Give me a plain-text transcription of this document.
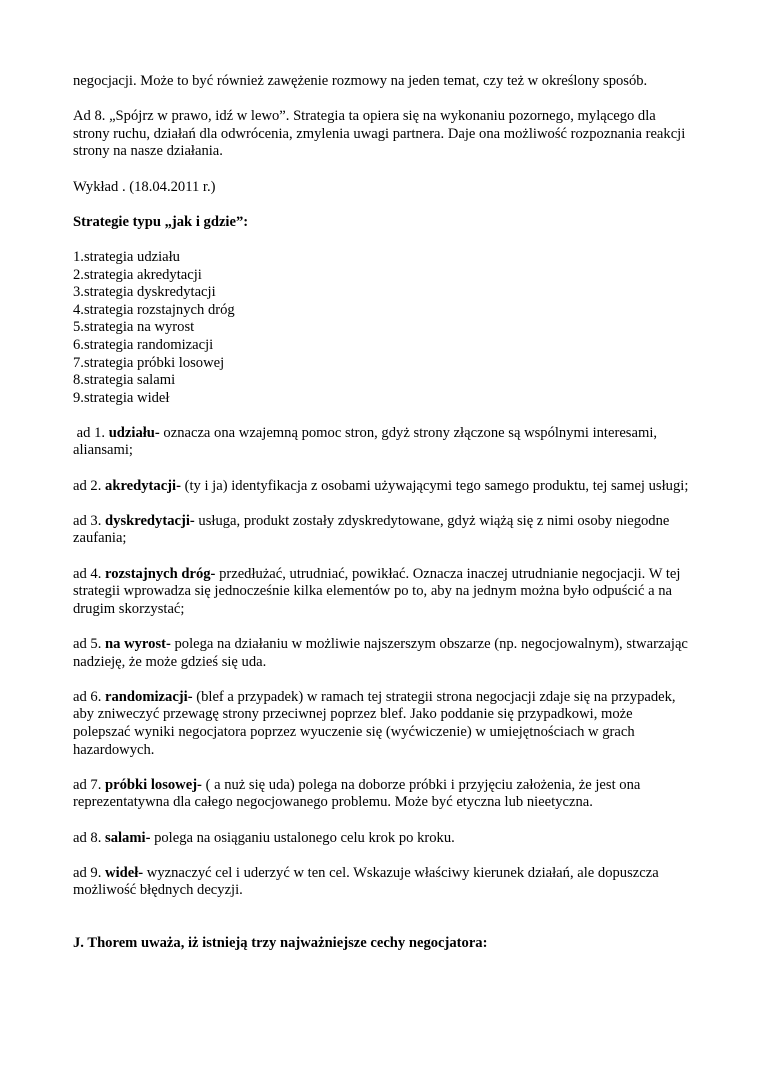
negocjacji. Może to być również zawężenie rozmowy na jeden temat, czy też w określony sposób.

Ad 8. „Spójrz w prawo, idź w lewo”. Strategia ta opiera się na wykonaniu pozornego, mylącego dla strony ruchu, działań dla odwrócenia, zmylenia uwagi partnera. Daje ona możliwość rozpoznania reakcji strony na nasze działania.

Wykład . (18.04.2011 r.)

Strategie typu „jak i gdzie”:

1.strategia udziału

2.strategia akredytacji

3.strategia dyskredytacji

4.strategia rozstajnych dróg

5.strategia na wyrost

6.strategia randomizacji

7.strategia próbki losowej

8.strategia salami

9.strategia wideł

ad 1. udziału- oznacza ona wzajemną pomoc stron, gdyż strony złączone są wspólnymi interesami, aliansami;

ad 2. akredytacji- (ty i ja) identyfikacja z osobami używającymi tego samego produktu, tej samej usługi;

ad 3. dyskredytacji- usługa, produkt zostały zdyskredytowane, gdyż wiążą się z nimi osoby niegodne zaufania;

ad 4. rozstajnych dróg- przedłużać, utrudniać, powikłać. Oznacza inaczej utrudnianie negocjacji. W tej strategii wprowadza się jednocześnie kilka elementów po to, aby na jednym można było odpuścić a na drugim skorzystać;

ad 5. na wyrost- polega na działaniu w możliwie najszerszym obszarze (np. negocjowalnym), stwarzając nadzieję, że może gdzieś się uda.

ad 6. randomizacji- (blef a przypadek) w ramach tej strategii strona negocjacji zdaje się na przypadek, aby zniweczyć przewagę strony przeciwnej poprzez blef. Jako poddanie się przypadkowi, może polepszać wyniki negocjatora poprzez wyuczenie się (wyćwiczenie) w umiejętnościach w grach hazardowych.

ad 7. próbki losowej- ( a nuż się uda) polega na doborze próbki i przyjęciu założenia, że jest ona reprezentatywna dla całego negocjowanego problemu. Może być etyczna lub nieetyczna.

ad 8. salami- polega na osiąganiu ustalonego celu krok po kroku.

ad 9. wideł- wyznaczyć cel i uderzyć w ten cel. Wskazuje właściwy kierunek działań, ale dopuszcza możliwość błędnych decyzji.

J. Thorem uważa, iż istnieją trzy najważniejsze cechy negocjatora:
